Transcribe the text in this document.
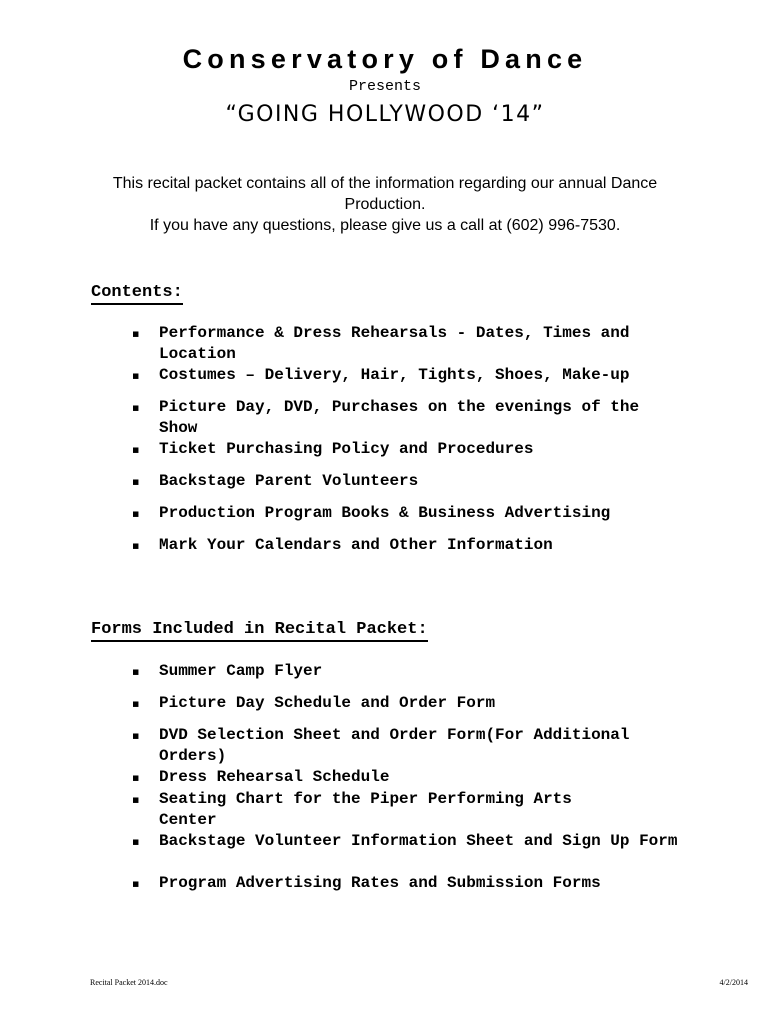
Conservatory of Dance
Presents
“GOING HOLLYWOOD ‘14”

This recital packet contains all of the information regarding our annual Dance Production.

If you have any questions, please give us a call at (602) 996-7530.

Contents:
▪	Performance & Dress Rehearsals - Dates, Times and Location
▪	Costumes – Delivery, Hair, Tights, Shoes, Make-up
▪	Picture Day, DVD, Purchases on the evenings of the Show
▪	Ticket Purchasing Policy and Procedures
▪	Backstage Parent Volunteers
▪	Production Program Books & Business Advertising
▪	Mark Your Calendars and Other Information
Forms Included in Recital Packet:
▪	Summer Camp Flyer
▪	Picture Day Schedule and Order Form
▪	DVD Selection Sheet and Order Form(For Additional Orders)
▪	Dress Rehearsal Schedule
▪	Seating Chart for the Piper Performing Arts Center
▪	Backstage Volunteer Information Sheet and Sign Up Form
▪	Program Advertising Rates and Submission Forms
Recital Packet 2014.doc	4/2/2014
